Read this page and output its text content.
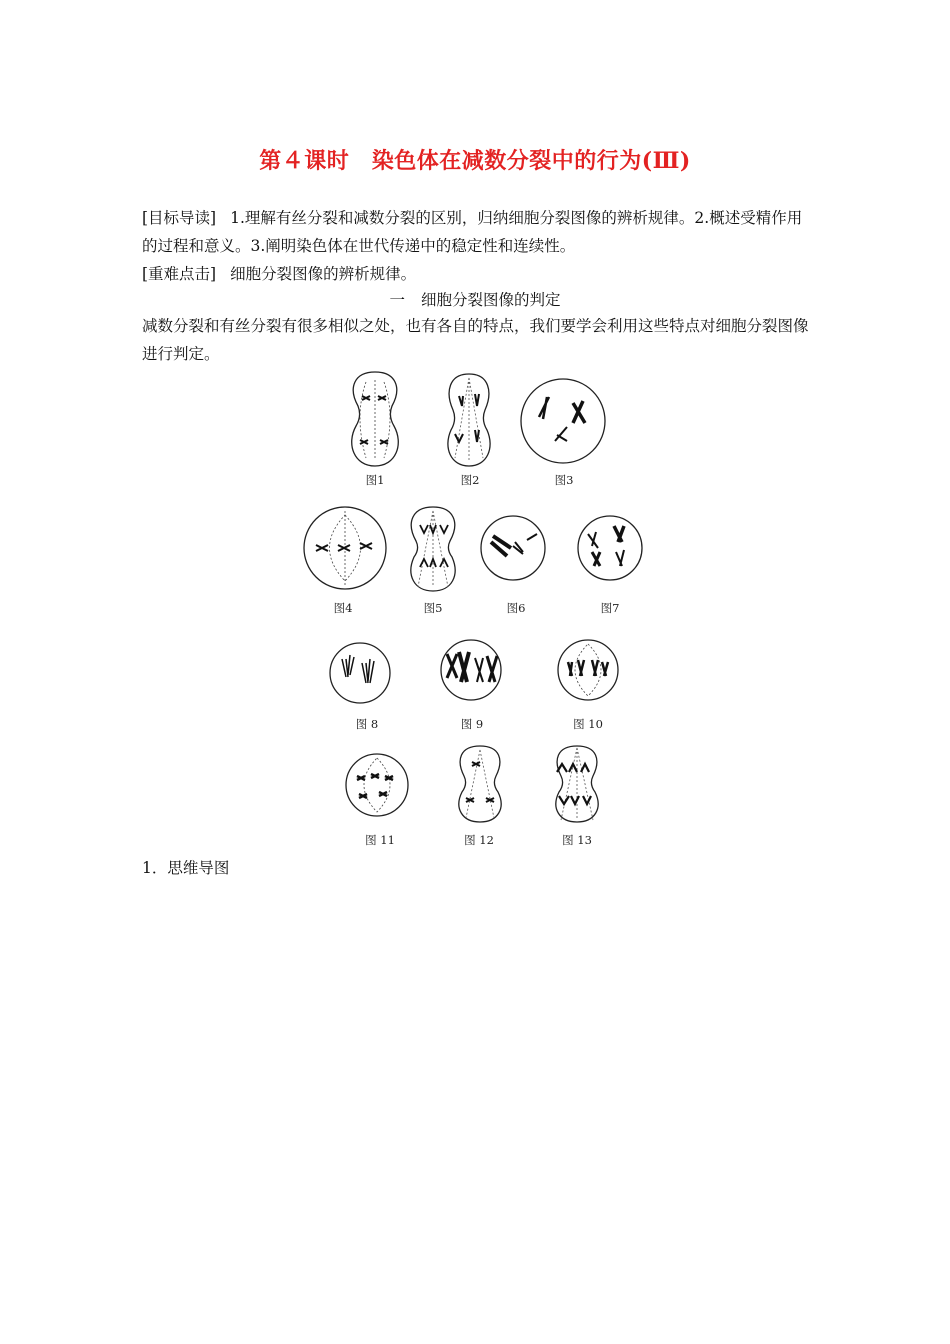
第４课时　染色体在减数分裂中的行为(Ⅲ)
[目标导读] 1.理解有丝分裂和减数分裂的区别，归纳细胞分裂图像的辨析规律。2.概述受精作用的过程和意义。3.阐明染色体在世代传递中的稳定性和连续性。
[重难点击] 细胞分裂图像的辨析规律。
一 细胞分裂图像的判定
减数分裂和有丝分裂有很多相似之处，也有各自的特点，我们要学会利用这些特点对细胞分裂图像进行判定。
图1	图2	图3
图4	图5	图6	图7
图 8	图 9	图 10
图 11	图 12	图 13
1．思维导图
